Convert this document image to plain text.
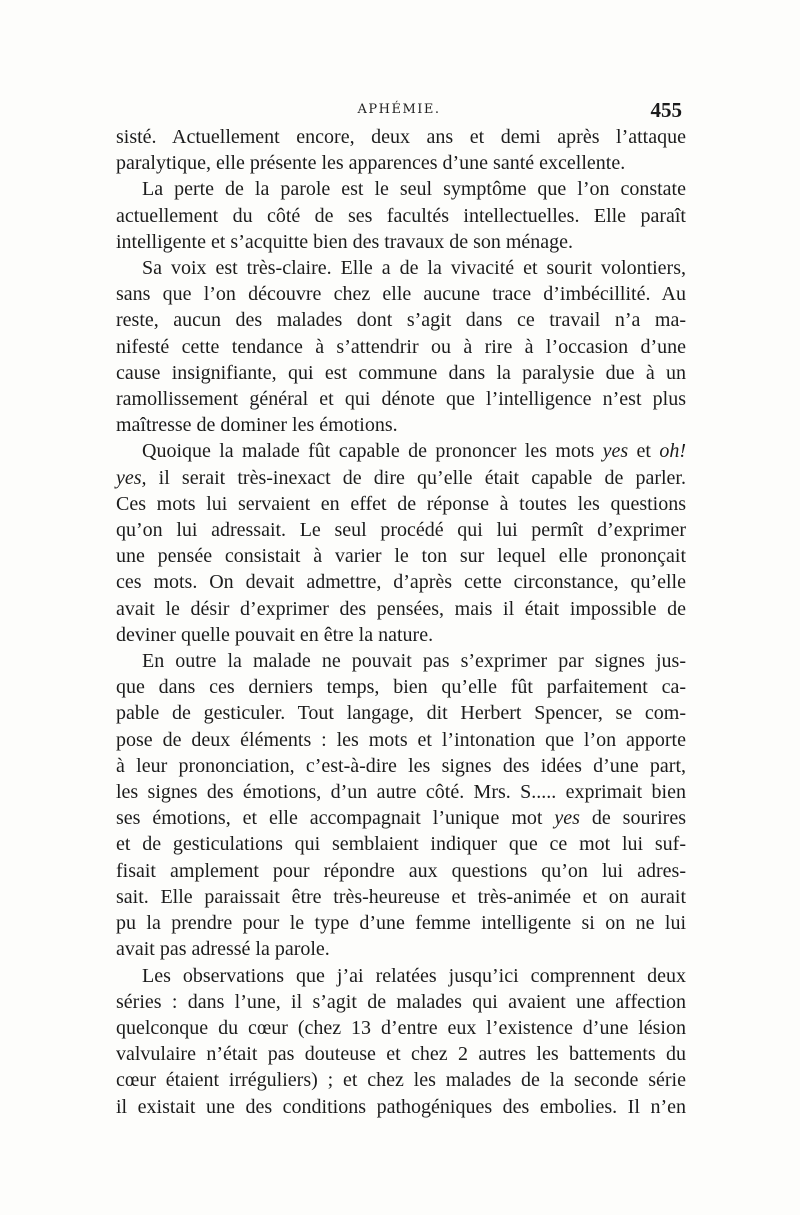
APHÉMIE.	455
sisté. Actuellement encore, deux ans et demi après l’attaque
paralytique, elle présente les apparences d’une santé excellente.
La perte de la parole est le seul symptôme que l’on constate
actuellement du côté de ses facultés intellectuelles. Elle paraît
intelligente et s’acquitte bien des travaux de son ménage.
Sa voix est très-claire. Elle a de la vivacité et sourit volontiers,
sans que l’on découvre chez elle aucune trace d’imbécillité. Au
reste, aucun des malades dont s’agit dans ce travail n’a ma-
nifesté cette tendance à s’attendrir ou à rire à l’occasion d’une
cause insignifiante, qui est commune dans la paralysie due à un
ramollissement général et qui dénote que l’intelligence n’est plus
maîtresse de dominer les émotions.
Quoique la malade fût capable de prononcer les mots yes et oh!
yes, il serait très-inexact de dire qu’elle était capable de parler.
Ces mots lui servaient en effet de réponse à toutes les questions
qu’on lui adressait. Le seul procédé qui lui permît d’exprimer
une pensée consistait à varier le ton sur lequel elle prononçait
ces mots. On devait admettre, d’après cette circonstance, qu’elle
avait le désir d’exprimer des pensées, mais il était impossible de
deviner quelle pouvait en être la nature.
En outre la malade ne pouvait pas s’exprimer par signes jus-
que dans ces derniers temps, bien qu’elle fût parfaitement ca-
pable de gesticuler. Tout langage, dit Herbert Spencer, se com-
pose de deux éléments : les mots et l’intonation que l’on apporte
à leur prononciation, c’est-à-dire les signes des idées d’une part,
les signes des émotions, d’un autre côté. Mrs. S..... exprimait bien
ses émotions, et elle accompagnait l’unique mot yes de sourires
et de gesticulations qui semblaient indiquer que ce mot lui suf-
fisait amplement pour répondre aux questions qu’on lui adres-
sait. Elle paraissait être très-heureuse et très-animée et on aurait
pu la prendre pour le type d’une femme intelligente si on ne lui
avait pas adressé la parole.
Les observations que j’ai relatées jusqu’ici comprennent deux
séries : dans l’une, il s’agit de malades qui avaient une affection
quelconque du cœur (chez 13 d’entre eux l’existence d’une lésion
valvulaire n’était pas douteuse et chez 2 autres les battements du
cœur étaient irréguliers) ; et chez les malades de la seconde série
il existait une des conditions pathogéniques des embolies. Il n’en
